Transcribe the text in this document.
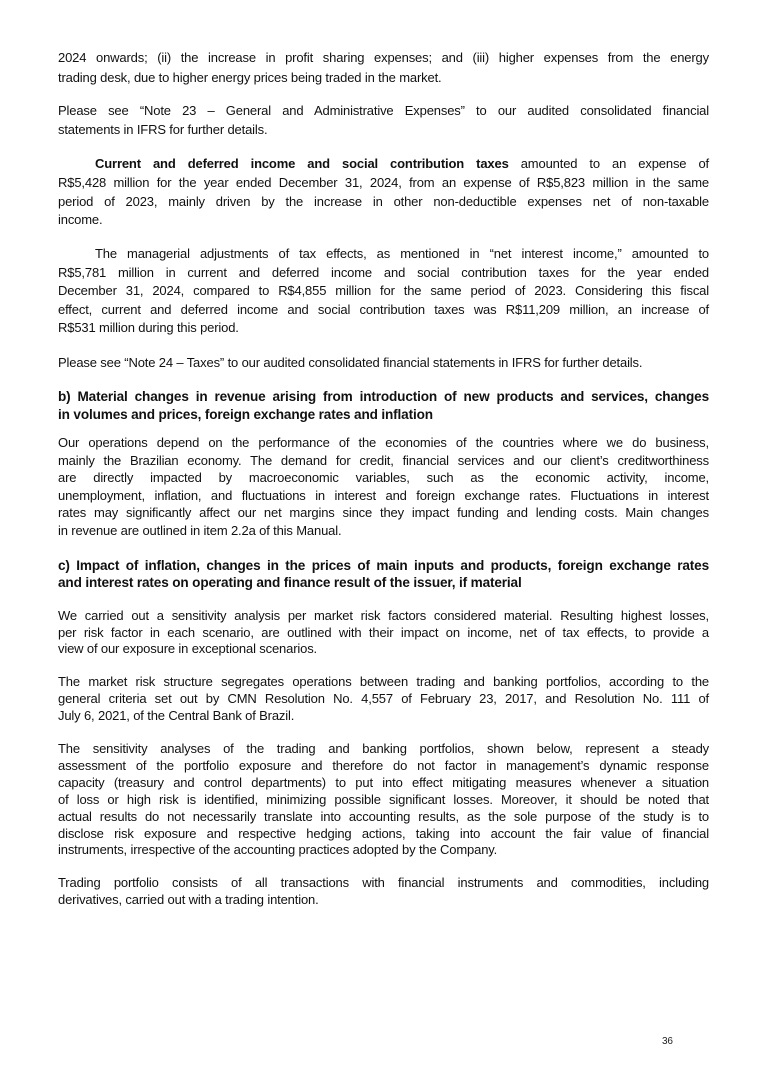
2024 onwards; (ii) the increase in profit sharing expenses; and (iii) higher expenses from the energy
trading desk, due to higher energy prices being traded in the market.
Please see “Note 23 – General and Administrative Expenses” to our audited consolidated financial
statements in IFRS for further details.
Current and deferred income and social contribution taxes amounted to an expense of
R$5,428 million for the year ended December 31, 2024, from an expense of R$5,823 million in the same
period of 2023, mainly driven by the increase in other non-deductible expenses net of non-taxable
income.
The managerial adjustments of tax effects, as mentioned in “net interest income,” amounted to
R$5,781 million in current and deferred income and social contribution taxes for the year ended
December 31, 2024, compared to R$4,855 million for the same period of 2023. Considering this fiscal
effect, current and deferred income and social contribution taxes was R$11,209 million, an increase of
R$531 million during this period.
Please see “Note 24 – Taxes” to our audited consolidated financial statements in IFRS for further details.
b) Material changes in revenue arising from introduction of new products and services, changes
in volumes and prices, foreign exchange rates and inflation
Our operations depend on the performance of the economies of the countries where we do business,
mainly the Brazilian economy. The demand for credit, financial services and our client’s creditworthiness
are directly impacted by macroeconomic variables, such as the economic activity, income,
unemployment, inflation, and fluctuations in interest and foreign exchange rates. Fluctuations in interest
rates may significantly affect our net margins since they impact funding and lending costs. Main changes
in revenue are outlined in item 2.2a of this Manual.
c) Impact of inflation, changes in the prices of main inputs and products, foreign exchange rates
and interest rates on operating and finance result of the issuer, if material
We carried out a sensitivity analysis per market risk factors considered material. Resulting highest losses,
per risk factor in each scenario, are outlined with their impact on income, net of tax effects, to provide a
view of our exposure in exceptional scenarios.
The market risk structure segregates operations between trading and banking portfolios, according to the
general criteria set out by CMN Resolution No. 4,557 of February 23, 2017, and Resolution No. 111 of
July 6, 2021, of the Central Bank of Brazil.
The sensitivity analyses of the trading and banking portfolios, shown below, represent a steady
assessment of the portfolio exposure and therefore do not factor in management’s dynamic response
capacity (treasury and control departments) to put into effect mitigating measures whenever a situation
of loss or high risk is identified, minimizing possible significant losses. Moreover, it should be noted that
actual results do not necessarily translate into accounting results, as the sole purpose of the study is to
disclose risk exposure and respective hedging actions, taking into account the fair value of financial
instruments, irrespective of the accounting practices adopted by the Company.
Trading portfolio consists of all transactions with financial instruments and commodities, including
derivatives, carried out with a trading intention.
36
